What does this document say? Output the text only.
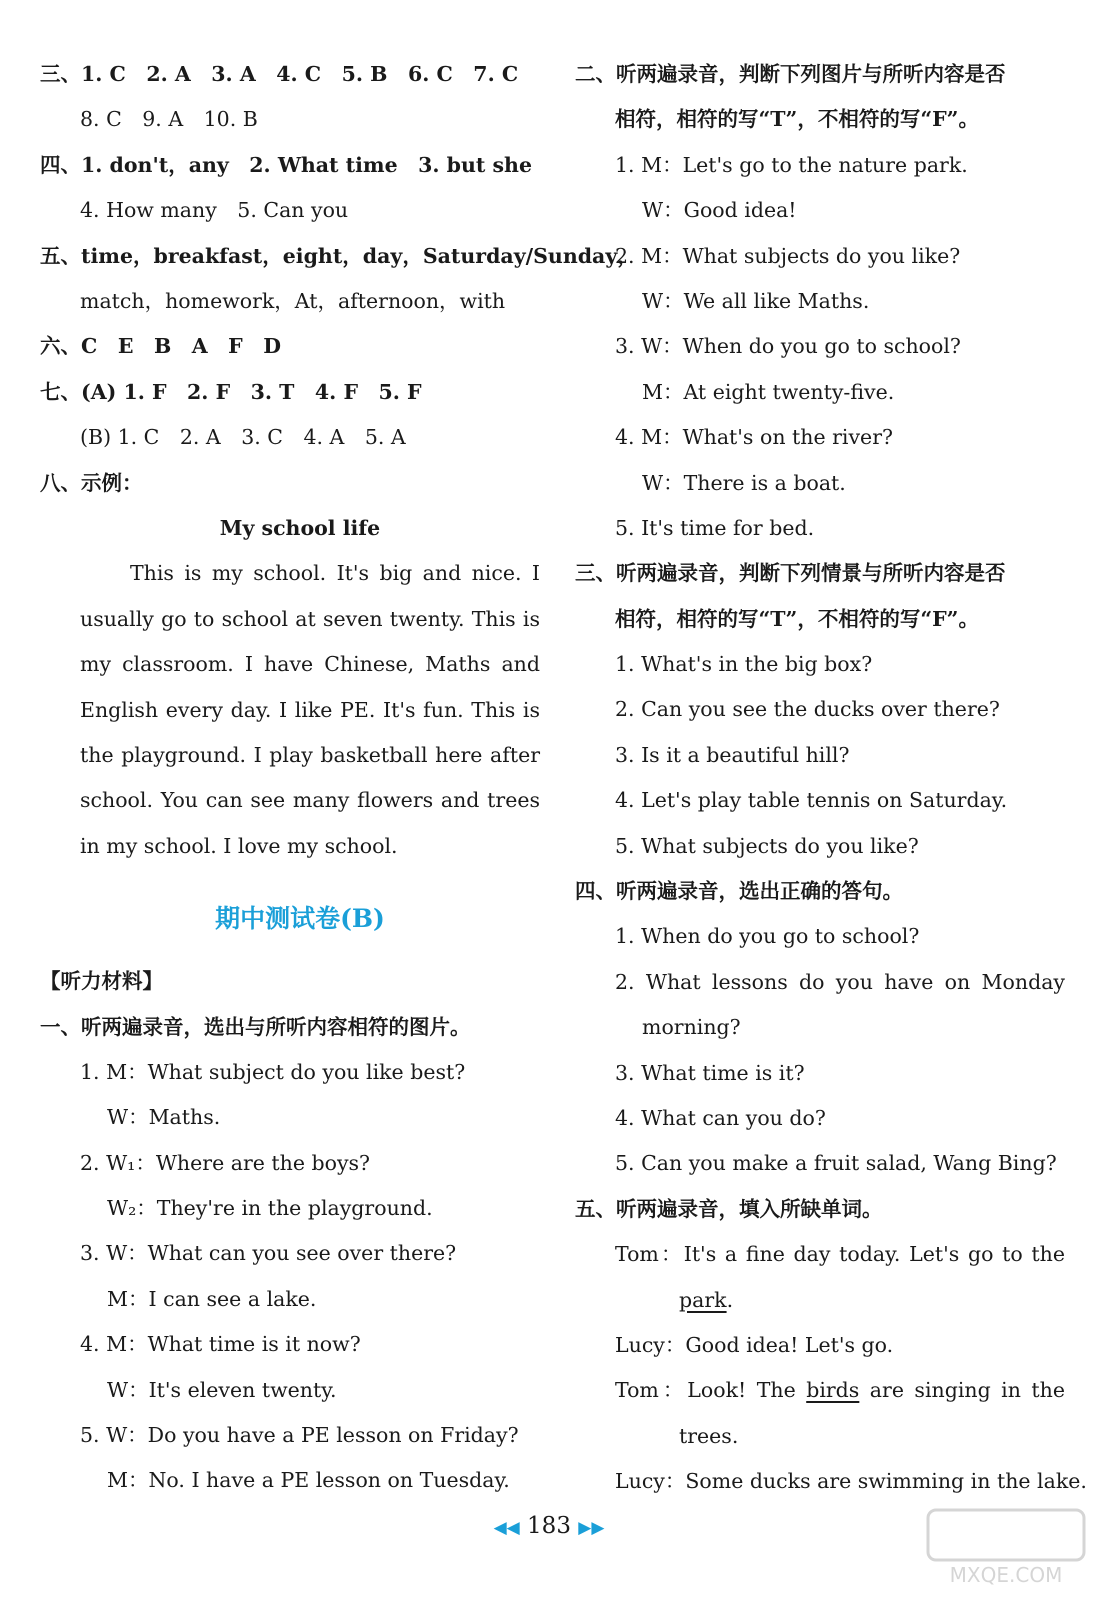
三、1. C　2. A　3. A　4. C　5. B　6. C　7. C
8. C　9. A　10. B
四、1. don't，any　2. What time　3. but she
4. How many　5. Can you
五、time，breakfast，eight，day，Saturday/Sunday，
match，homework，At，afternoon，with
六、C　E　B　A　F　D
七、(A) 1. F　2. F　3. T　4. F　5. F
(B) 1. C　2. A　3. C　4. A　5. A
八、示例：
My school life

This is my school. It's big and nice. I usually go to school at seven twenty. This is my classroom. I have Chinese, Maths and English every day. I like PE. It's fun. This is the playground. I play basketball here after school. You can see many flowers and trees in my school. I love my school.

期中测试卷(B)
【听力材料】
一、听两遍录音，选出与所听内容相符的图片。
1. M：What subject do you like best?
W：Maths.
2. W₁：Where are the boys?
W₂：They're in the playground.
3. W：What can you see over there?
M：I can see a lake.
4. M：What time is it now?
W：It's eleven twenty.
5. W：Do you have a PE lesson on Friday?
M：No. I have a PE lesson on Tuesday.
二、听两遍录音，判断下列图片与所听内容是否
相符，相符的写“T”，不相符的写“F”。
1. M：Let's go to the nature park.
W：Good idea!
2. M：What subjects do you like?
W：We all like Maths.
3. W：When do you go to school?
M：At eight twenty-five.
4. M：What's on the river?
W：There is a boat.
5. It's time for bed.
三、听两遍录音，判断下列情景与所听内容是否
相符，相符的写“T”，不相符的写“F”。
1. What's in the big box?
2. Can you see the ducks over there?
3. Is it a beautiful hill?
4. Let's play table tennis on Saturday.
5. What subjects do you like?
四、听两遍录音，选出正确的答句。
1. When do you go to school?
2. What lessons do you have on Monday
morning?
3. What time is it?
4. What can you do?
5. Can you make a fruit salad, Wang Bing?
五、听两遍录音，填入所缺单词。
Tom：It's a fine day today. Let's go to the
park.
Lucy：Good idea! Let's go.
Tom：Look! The birds are singing in the
trees.
Lucy：Some ducks are swimming in the lake.
◀◀ 183 ▶▶
MXQE.COM
